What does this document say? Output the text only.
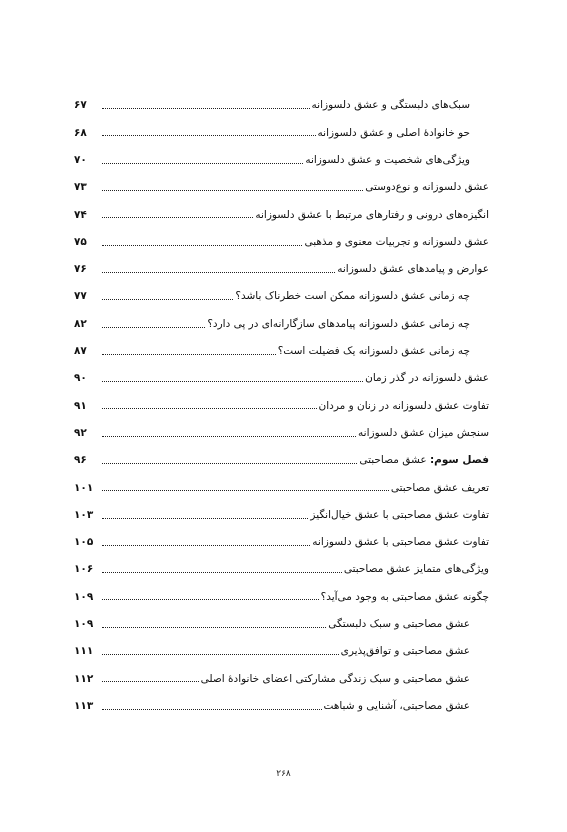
سبک‌های دلبستگی و عشق دلسوزانه
۶۷
حو خانوادهٔ اصلی و عشق دلسوزانه
۶۸
ویژگی‌های شخصیت و عشق دلسوزانه
۷۰
عشق دلسوزانه و نوع‌دوستی
۷۳
انگیزه‌های درونی و رفتارهای مرتبط با عشق دلسوزانه
۷۴
عشق دلسوزانه و تجربیات معنوی و مذهبی
۷۵
عوارض و پیامدهای عشق دلسوزانه
۷۶
چه زمانی عشق دلسوزانه ممکن است خطرناک باشد؟
۷۷
چه زمانی عشق دلسوزانه پیامدهای سازگارانه‌ای در پی دارد؟
۸۲
چه زمانی عشق دلسوزانه یک فضیلت است؟
۸۷
عشق دلسوزانه در گذر زمان
۹۰
تفاوت عشق دلسوزانه در زنان و مردان
۹۱
سنجش میزان عشق دلسوزانه
۹۲
فصل سوم: عشق مصاحبتی
۹۶
تعریف عشق مصاحبتی
۱۰۱
تفاوت عشق مصاحبتی با عشق خیال‌انگیز
۱۰۳
تفاوت عشق مصاحبتی با عشق دلسوزانه
۱۰۵
ویژگی‌های متمایز عشق مصاحبتی
۱۰۶
چگونه عشق مصاحبتی به وجود می‌آید؟
۱۰۹
عشق مصاحبتی و سبک دلبستگی
۱۰۹
عشق مصاحبتی و توافق‌پذیری
۱۱۱
عشق مصاحبتی و سبک زندگی مشارکتی اعضای خانوادهٔ اصلی
۱۱۲
عشق مصاحبتی، آشنایی و شباهت
۱۱۳
۲۶۸
